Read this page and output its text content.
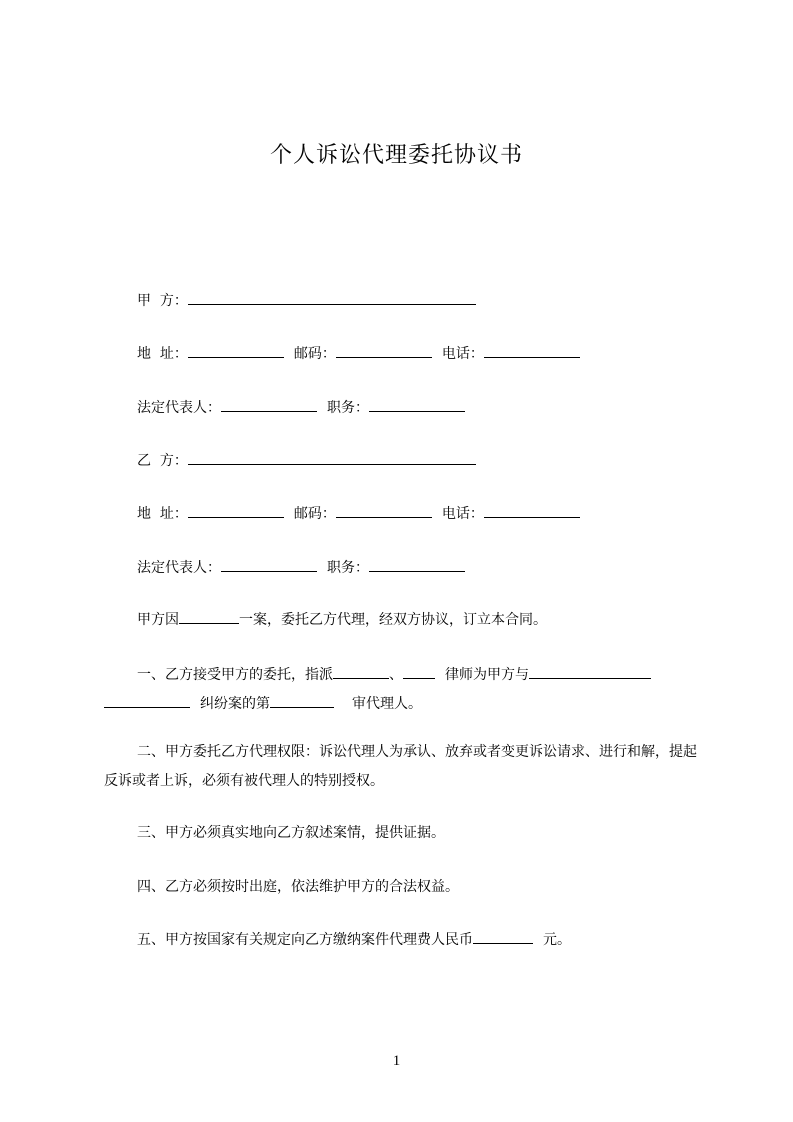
个人诉讼代理委托协议书
甲  方：
地  址：	邮码：	电话：
法定代表人：	职务：
乙  方：
地  址：	邮码：	电话：
法定代表人：	职务：
甲方因	一案，委托乙方代理，经双方协议，订立本合同。
一、乙方接受甲方的委托，指派	、	律师为甲方与
纠纷案的第	审代理人。
二、甲方委托乙方代理权限：诉讼代理人为承认、放弃或者变更诉讼请求、进行和解，提起反诉或者上诉，必须有被代理人的特别授权。
三、甲方必须真实地向乙方叙述案情，提供证据。
四、乙方必须按时出庭，依法维护甲方的合法权益。
五、甲方按国家有关规定向乙方缴纳案件代理费人民币	元。
1
